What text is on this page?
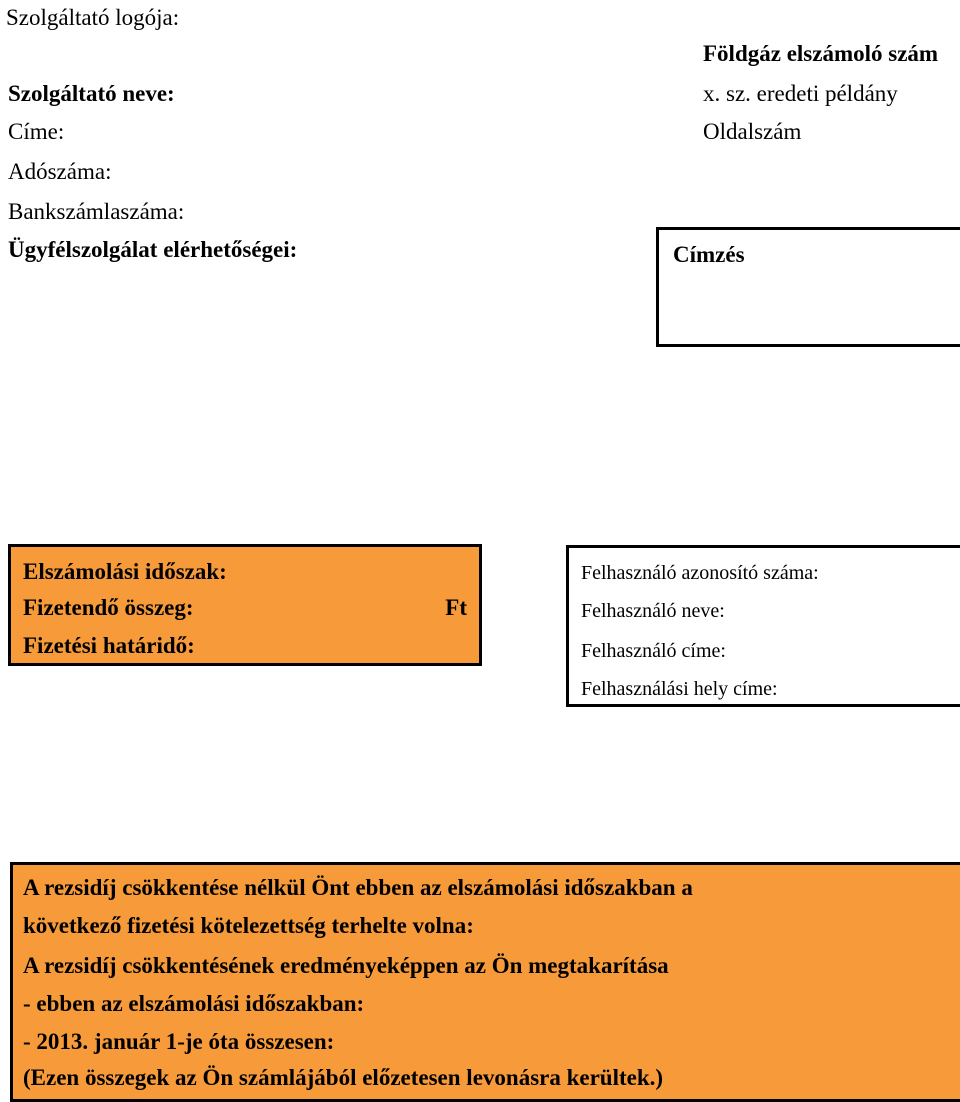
Szolgáltató logója:
Szolgáltató neve:
Címe:
Adószáma:
Bankszámlaszáma:
Ügyfélszolgálat elérhetőségei:
Földgáz elszámoló szám
x. sz. eredeti példány
Oldalszám
Címzés
Elszámolási időszak:
Fizetendő összeg:	Ft
Fizetési határidő:
Felhasználó azonosító száma:
Felhasználó neve:
Felhasználó címe:
Felhasználási hely címe:
A rezsidíj csökkentése nélkül Önt ebben az elszámolási időszakban a
következő fizetési kötelezettség terhelte volna:
A rezsidíj csökkentésének eredményeképpen az Ön megtakarítása
- ebben az elszámolási időszakban:
- 2013. január 1-je óta összesen:
(Ezen összegek az Ön számlájából előzetesen levonásra kerültek.)
